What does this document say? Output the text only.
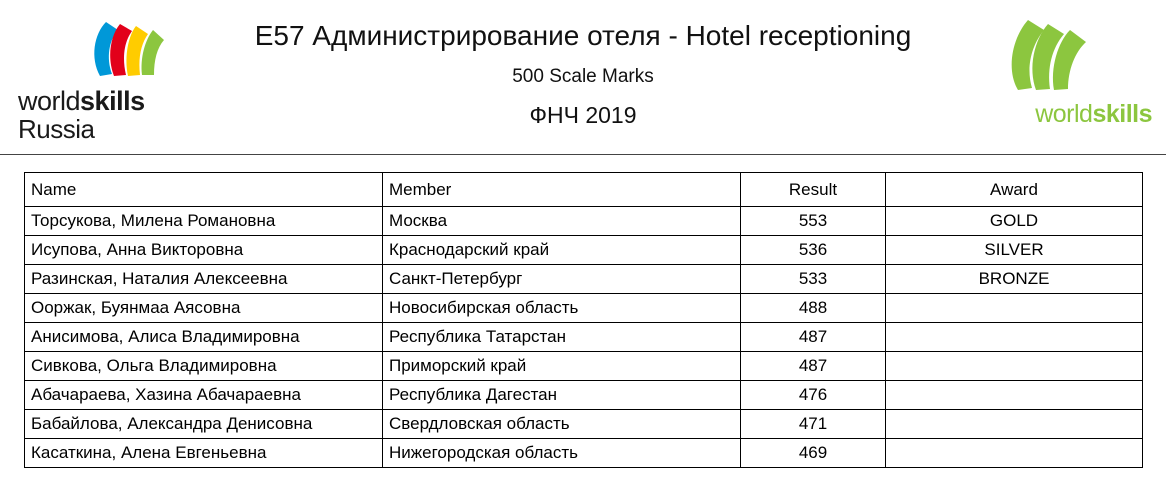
worldskills
Russia
E57 Администрирование отеля - Hotel receptioning
500 Scale Marks
ФНЧ 2019	worldskills
Name	Member	Result	Award
Торсукова, Милена Романовна	Москва	553	GOLD
Исупова, Анна Викторовна	Краснодарский край	536	SILVER
Разинская, Наталия Алексеевна	Санкт-Петербург	533	BRONZE
Ооржак, Буянмаа Аясовна	Новосибирская область	488	
Анисимова, Алиса Владимировна	Республика Татарстан	487	
Сивкова, Ольга Владимировна	Приморский край	487	
Абачараева, Хазина Абачараевна	Республика Дагестан	476	
Бабайлова, Александра Денисовна	Свердловская область	471	
Касаткина, Алена Евгеньевна	Нижегородская область	469	
